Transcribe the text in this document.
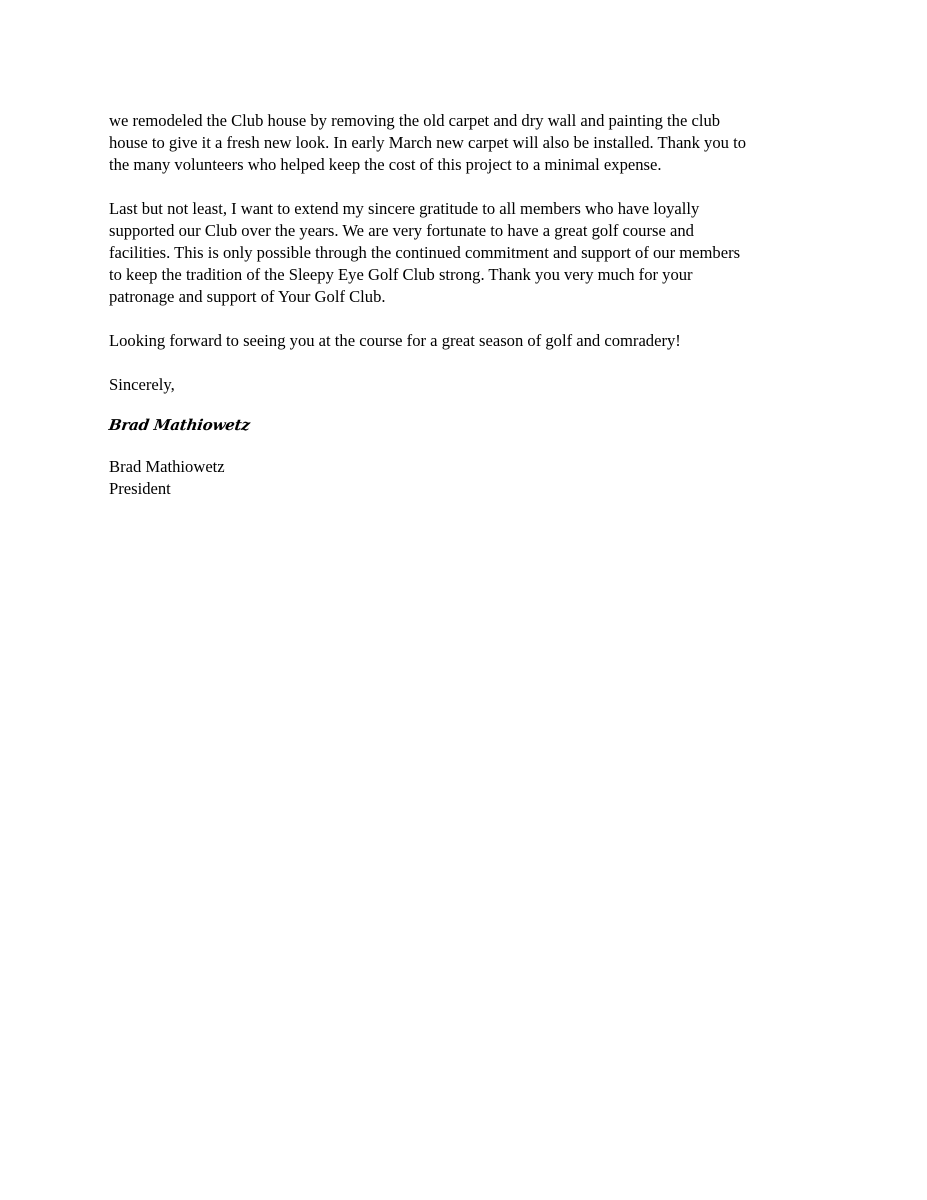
we remodeled the Club house by removing the old carpet and dry wall and painting the club
house to give it a fresh new look. In early March new carpet will also be installed. Thank you to
the many volunteers who helped keep the cost of this project to a minimal expense.

Last but not least, I want to extend my sincere gratitude to all members who have loyally
supported our Club over the years. We are very fortunate to have a great golf course and
facilities. This is only possible through the continued commitment and support of our members
to keep the tradition of the Sleepy Eye Golf Club strong. Thank you very much for your
patronage and support of Your Golf Club.

Looking forward to seeing you at the course for a great season of golf and comradery!

Sincerely,

Brad Mathiowetz

Brad Mathiowetz
President
